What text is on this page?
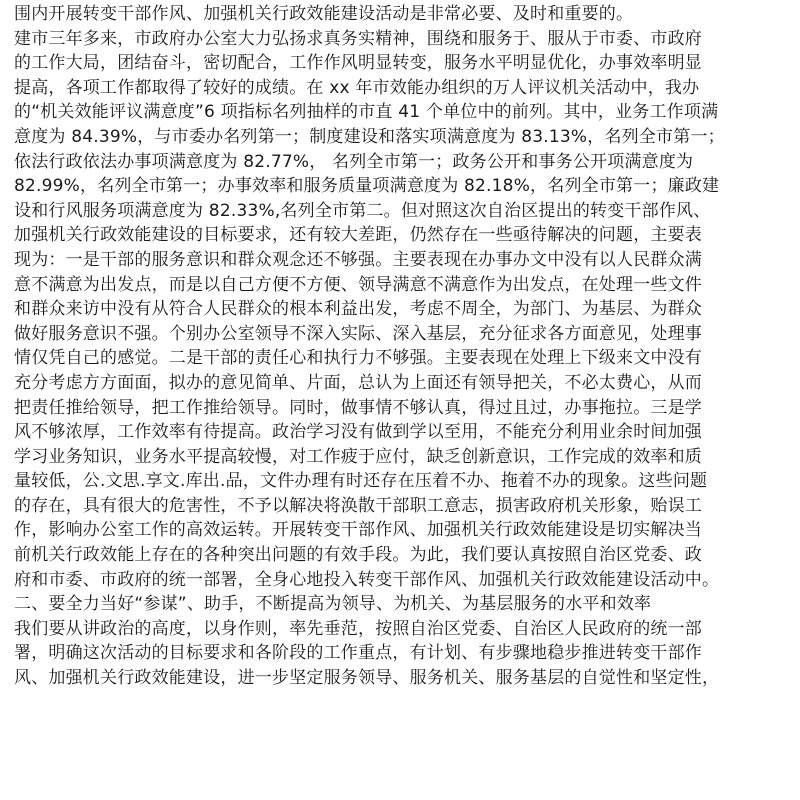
围内开展转变干部作风、加强机关行政效能建设活动是非常必要、及时和重要的。
建市三年多来，市政府办公室大力弘扬求真务实精神，围绕和服务于、服从于市委、市政府
的工作大局，团结奋斗，密切配合，工作作风明显转变，服务水平明显优化，办事效率明显
提高，各项工作都取得了较好的成绩。在 xx 年市效能办组织的万人评议机关活动中，我办
的“机关效能评议满意度”6 项指标名列抽样的市直 41 个单位中的前列。其中，业务工作项满
意度为 84.39%，与市委办名列第一；制度建设和落实项满意度为 83.13%，名列全市第一；
依法行政依法办事项满意度为 82.77%， 名列全市第一；政务公开和事务公开项满意度为
82.99%，名列全市第一；办事效率和服务质量项满意度为 82.18%，名列全市第一；廉政建
设和行风服务项满意度为 82.33%,名列全市第二。但对照这次自治区提出的转变干部作风、
加强机关行政效能建设的目标要求，还有较大差距，仍然存在一些亟待解决的问题，主要表
现为：一是干部的服务意识和群众观念还不够强。主要表现在办事办文中没有以人民群众满
意不满意为出发点，而是以自己方便不方便、领导满意不满意作为出发点，在处理一些文件
和群众来访中没有从符合人民群众的根本利益出发，考虑不周全，为部门、为基层、为群众
做好服务意识不强。个别办公室领导不深入实际、深入基层，充分征求各方面意见，处理事
情仅凭自己的感觉。二是干部的责任心和执行力不够强。主要表现在处理上下级来文中没有
充分考虑方方面面，拟办的意见简单、片面，总认为上面还有领导把关，不必太费心，从而
把责任推给领导，把工作推给领导。同时，做事情不够认真，得过且过，办事拖拉。三是学
风不够浓厚，工作效率有待提高。政治学习没有做到学以至用，不能充分利用业余时间加强
学习业务知识，业务水平提高较慢，对工作疲于应付，缺乏创新意识，工作完成的效率和质
量较低，公.文思.享文.库出.品，文件办理有时还存在压着不办、拖着不办的现象。这些问题
的存在，具有很大的危害性，不予以解决将涣散干部职工意志，损害政府机关形象，贻误工
作，影响办公室工作的高效运转。开展转变干部作风、加强机关行政效能建设是切实解决当
前机关行政效能上存在的各种突出问题的有效手段。为此，我们要认真按照自治区党委、政
府和市委、市政府的统一部署，全身心地投入转变干部作风、加强机关行政效能建设活动中。
二、要全力当好“参谋”、助手，不断提高为领导、为机关、为基层服务的水平和效率
我们要从讲政治的高度，以身作则，率先垂范，按照自治区党委、自治区人民政府的统一部
署，明确这次活动的目标要求和各阶段的工作重点，有计划、有步骤地稳步推进转变干部作
风、加强机关行政效能建设，进一步坚定服务领导、服务机关、服务基层的自觉性和坚定性，
